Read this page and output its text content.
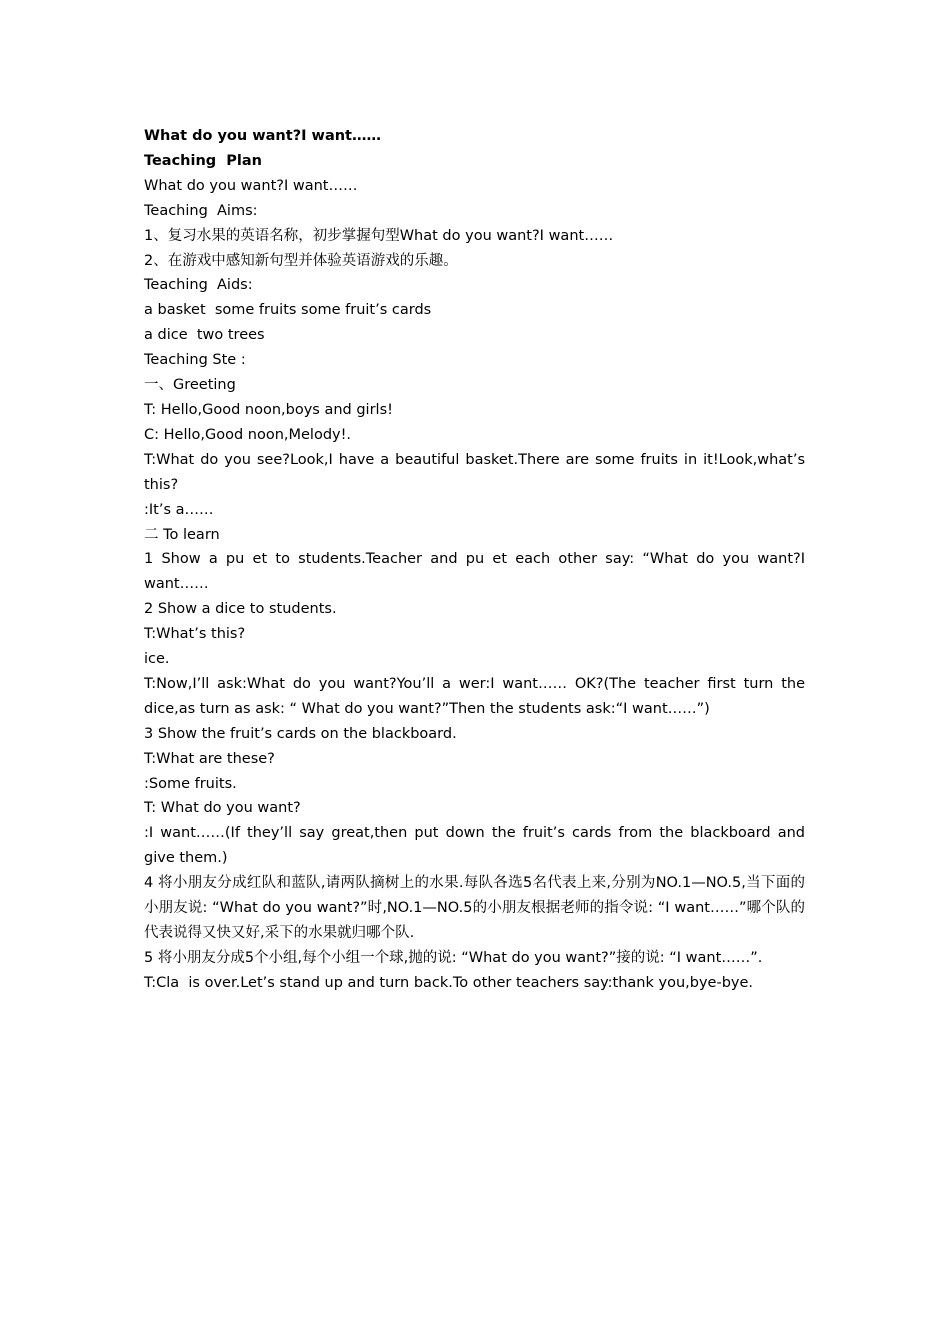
What do you want?I want……

Teaching  Plan

What do you want?I want……

Teaching  Aims:

1、复习水果的英语名称，初步掌握句型What do you want?I want……

2、在游戏中感知新句型并体验英语游戏的乐趣。

Teaching  Aids:

a basket  some fruits some fruit’s cards

a dice  two trees

Teaching Ste :

一、Greeting

T: Hello,Good noon,boys and girls!

C: Hello,Good noon,Melody!.

T:What do you see?Look,I have a beautiful basket.There are some fruits in it!Look,what’s this?

:It’s a……

二 To learn

1 Show a pu et to students.Teacher and pu et each other say: “What do you want?I want……

2 Show a dice to students.

T:What’s this?

ice.

T:Now,I’ll ask:What do you want?You’ll a wer:I want…… OK?(The teacher first turn the dice,as turn as ask: “ What do you want?”Then the students ask:“I want……”)

3 Show the fruit’s cards on the blackboard.

T:What are these?

:Some fruits.

T: What do you want?

:I want……(If they’ll say great,then put down the fruit’s cards from the blackboard and give them.)

4 将小朋友分成红队和蓝队,请两队摘树上的水果.每队各选5名代表上来,分别为NO.1—NO.5,当下面的小朋友说: “What do you want?”时,NO.1—NO.5的小朋友根据老师的指令说: “I want……”哪个队的代表说得又快又好,采下的水果就归哪个队.

5 将小朋友分成5个小组,每个小组一个球,抛的说: “What do you want?”接的说: “I want……”.

T:Cla  is over.Let’s stand up and turn back.To other teachers say:thank you,bye-bye.
